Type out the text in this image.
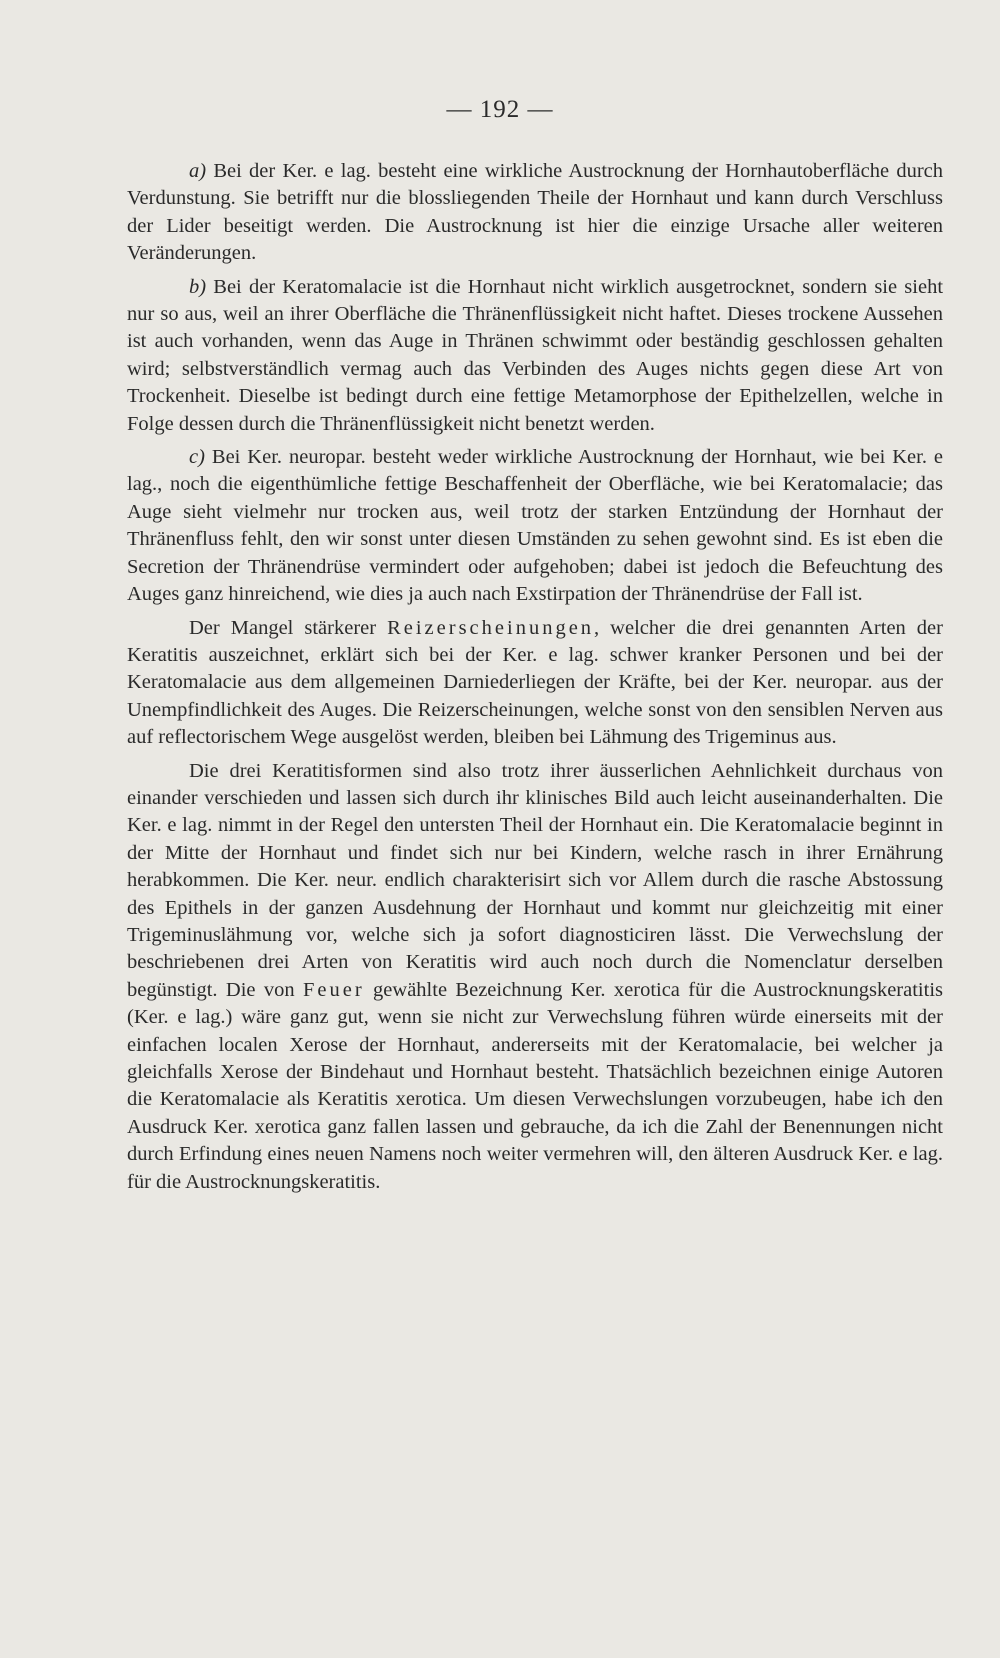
— 192 —

a) Bei der Ker. e lag. besteht eine wirkliche Austrocknung der Hornhautoberfläche durch Verdunstung. Sie betrifft nur die blossliegenden Theile der Hornhaut und kann durch Verschluss der Lider beseitigt werden. Die Austrocknung ist hier die einzige Ursache aller weiteren Veränderungen.

b) Bei der Keratomalacie ist die Hornhaut nicht wirklich ausgetrocknet, sondern sie sieht nur so aus, weil an ihrer Oberfläche die Thränenflüssigkeit nicht haftet. Dieses trockene Aussehen ist auch vorhanden, wenn das Auge in Thränen schwimmt oder beständig geschlossen gehalten wird; selbstverständlich vermag auch das Verbinden des Auges nichts gegen diese Art von Trockenheit. Dieselbe ist bedingt durch eine fettige Metamorphose der Epithelzellen, welche in Folge dessen durch die Thränenflüssigkeit nicht benetzt werden.

c) Bei Ker. neuropar. besteht weder wirkliche Austrocknung der Hornhaut, wie bei Ker. e lag., noch die eigenthümliche fettige Beschaffenheit der Oberfläche, wie bei Keratomalacie; das Auge sieht vielmehr nur trocken aus, weil trotz der starken Entzündung der Hornhaut der Thränenfluss fehlt, den wir sonst unter diesen Umständen zu sehen gewohnt sind. Es ist eben die Secretion der Thränendrüse vermindert oder aufgehoben; dabei ist jedoch die Befeuchtung des Auges ganz hinreichend, wie dies ja auch nach Exstirpation der Thränendrüse der Fall ist.

Der Mangel stärkerer Reizerscheinungen, welcher die drei genannten Arten der Keratitis auszeichnet, erklärt sich bei der Ker. e lag. schwer kranker Personen und bei der Keratomalacie aus dem allgemeinen Darniederliegen der Kräfte, bei der Ker. neuropar. aus der Unempfindlichkeit des Auges. Die Reizerscheinungen, welche sonst von den sensiblen Nerven aus auf reflectorischem Wege ausgelöst werden, bleiben bei Lähmung des Trigeminus aus.

Die drei Keratitisformen sind also trotz ihrer äusserlichen Aehnlichkeit durchaus von einander verschieden und lassen sich durch ihr klinisches Bild auch leicht auseinanderhalten. Die Ker. e lag. nimmt in der Regel den untersten Theil der Hornhaut ein. Die Keratomalacie beginnt in der Mitte der Hornhaut und findet sich nur bei Kindern, welche rasch in ihrer Ernährung herabkommen. Die Ker. neur. endlich charakterisirt sich vor Allem durch die rasche Abstossung des Epithels in der ganzen Ausdehnung der Hornhaut und kommt nur gleichzeitig mit einer Trigeminuslähmung vor, welche sich ja sofort diagnosticiren lässt. Die Verwechslung der beschriebenen drei Arten von Keratitis wird auch noch durch die Nomenclatur derselben begünstigt. Die von Feuer gewählte Bezeichnung Ker. xerotica für die Austrocknungskeratitis (Ker. e lag.) wäre ganz gut, wenn sie nicht zur Verwechslung führen würde einerseits mit der einfachen localen Xerose der Hornhaut, andererseits mit der Keratomalacie, bei welcher ja gleichfalls Xerose der Bindehaut und Hornhaut besteht. Thatsächlich bezeichnen einige Autoren die Keratomalacie als Keratitis xerotica. Um diesen Verwechslungen vorzubeugen, habe ich den Ausdruck Ker. xerotica ganz fallen lassen und gebrauche, da ich die Zahl der Benennungen nicht durch Erfindung eines neuen Namens noch weiter vermehren will, den älteren Ausdruck Ker. e lag. für die Austrocknungskeratitis.
